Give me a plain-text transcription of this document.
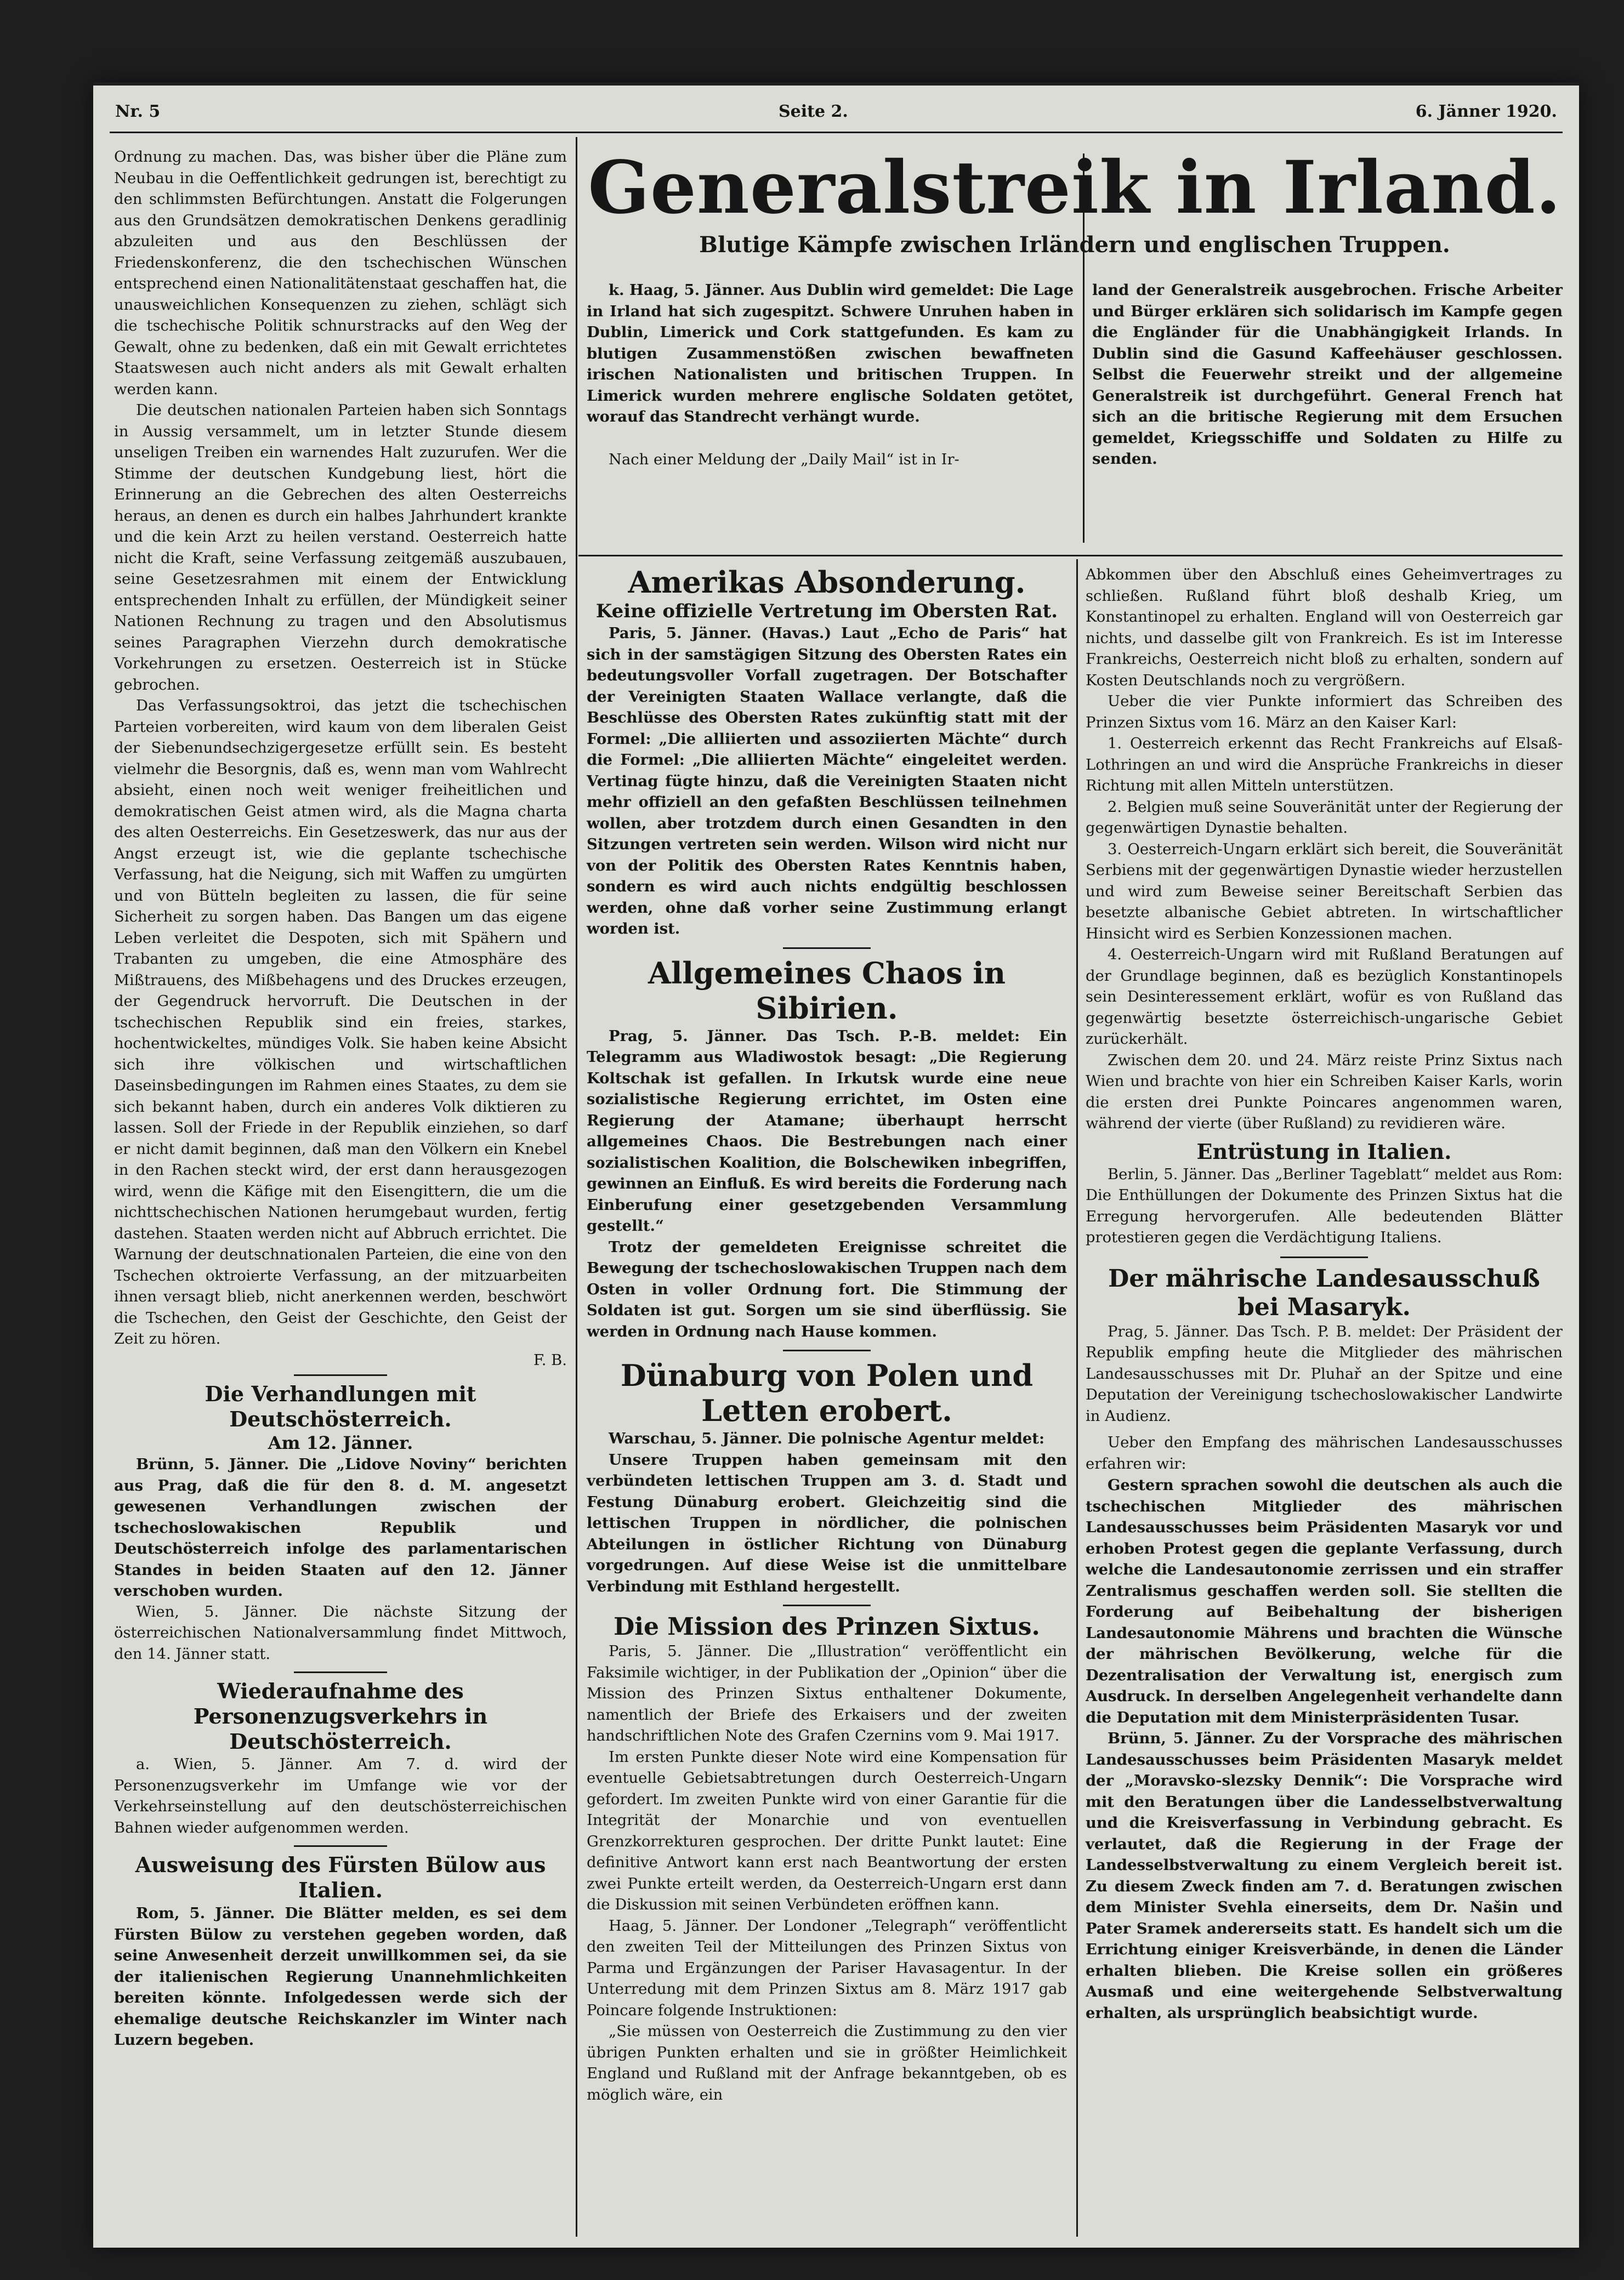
Nr. 5	Seite 2.	6. Jänner 1920.

Ordnung zu machen. Das, was bisher über die Pläne zum Neubau in die Oeffentlichkeit gedrungen ist, berechtigt zu den schlimmsten Befürchtungen. Anstatt die Folgerungen aus den Grundsätzen demokratischen Denkens geradlinig abzuleiten und aus den Beschlüssen der Friedenskonferenz, die den tschechischen Wünschen entsprechend einen Nationalitätenstaat geschaffen hat, die unausweichlichen Konsequenzen zu ziehen, schlägt sich die tschechische Politik schnurstracks auf den Weg der Gewalt, ohne zu bedenken, daß ein mit Gewalt errichtetes Staatswesen auch nicht anders als mit Gewalt erhalten werden kann.

Die deutschen nationalen Parteien haben sich Sonntags in Aussig versammelt, um in letzter Stunde diesem unseligen Treiben ein warnendes Halt zuzurufen. Wer die Stimme der deutschen Kundgebung liest, hört die Erinnerung an die Gebrechen des alten Oesterreichs heraus, an denen es durch ein halbes Jahrhundert krankte und die kein Arzt zu heilen verstand. Oesterreich hatte nicht die Kraft, seine Verfassung zeitgemäß auszubauen, seine Gesetzesrahmen mit einem der Entwicklung entsprechenden Inhalt zu erfüllen, der Mündigkeit seiner Nationen Rechnung zu tragen und den Absolutismus seines Paragraphen Vierzehn durch demokratische Vorkehrungen zu ersetzen. Oesterreich ist in Stücke gebrochen.

Das Verfassungsoktroi, das jetzt die tschechischen Parteien vorbereiten, wird kaum von dem liberalen Geist der Siebenundsechzigergesetze erfüllt sein. Es besteht vielmehr die Besorgnis, daß es, wenn man vom Wahlrecht absieht, einen noch weit weniger freiheitlichen und demokratischen Geist atmen wird, als die Magna charta des alten Oesterreichs. Ein Gesetzeswerk, das nur aus der Angst erzeugt ist, wie die geplante tschechische Verfassung, hat die Neigung, sich mit Waffen zu umgürten und von Bütteln begleiten zu lassen, die für seine Sicherheit zu sorgen haben. Das Bangen um das eigene Leben verleitet die Despoten, sich mit Spähern und Trabanten zu umgeben, die eine Atmosphäre des Mißtrauens, des Mißbehagens und des Druckes erzeugen, der Gegendruck hervorruft. Die Deutschen in der tschechischen Republik sind ein freies, starkes, hochentwickeltes, mündiges Volk. Sie haben keine Absicht sich ihre völkischen und wirtschaftlichen Daseinsbedingungen im Rahmen eines Staates, zu dem sie sich bekannt haben, durch ein anderes Volk diktieren zu lassen. Soll der Friede in der Republik einziehen, so darf er nicht damit beginnen, daß man den Völkern ein Knebel in den Rachen steckt wird, der erst dann herausgezogen wird, wenn die Käfige mit den Eisengittern, die um die nichttschechischen Nationen herumgebaut wurden, fertig dastehen. Staaten werden nicht auf Abbruch errichtet. Die Warnung der deutschnationalen Parteien, die eine von den Tschechen oktroierte Verfassung, an der mitzuarbeiten ihnen versagt blieb, nicht anerkennen werden, beschwört die Tschechen, den Geist der Geschichte, den Geist der Zeit zu hören.

F. B.

Die Verhandlungen mit Deutschösterreich.
Am 12. Jänner.

Brünn, 5. Jänner. Die „Lidove Noviny“ berichten aus Prag, daß die für den 8. d. M. angesetzt gewesenen Verhandlungen zwischen der tschechoslowakischen Republik und Deutschösterreich infolge des parlamentarischen Standes in beiden Staaten auf den 12. Jänner verschoben wurden.

Wien, 5. Jänner. Die nächste Sitzung der österreichischen Nationalversammlung findet Mittwoch, den 14. Jänner statt.

Wiederaufnahme des Personenzugsverkehrs in Deutschösterreich.

a. Wien, 5. Jänner. Am 7. d. wird der Personenzugsverkehr im Umfange wie vor der Verkehrseinstellung auf den deutschösterreichischen Bahnen wieder aufgenommen werden.

Ausweisung des Fürsten Bülow aus Italien.

Rom, 5. Jänner. Die Blätter melden, es sei dem Fürsten Bülow zu verstehen gegeben worden, daß seine Anwesenheit derzeit unwillkommen sei, da sie der italienischen Regierung Unannehmlichkeiten bereiten könnte. Infolgedessen werde sich der ehemalige deutsche Reichskanzler im Winter nach Luzern begeben.

Generalstreik in Irland.
Blutige Kämpfe zwischen Irländern und englischen Truppen.

k. Haag, 5. Jänner. Aus Dublin wird gemeldet: Die Lage in Irland hat sich zugespitzt. Schwere Unruhen haben in Dublin, Limerick und Cork stattgefunden. Es kam zu blutigen Zusammenstößen zwischen bewaffneten irischen Nationalisten und britischen Truppen. In Limerick wurden mehrere englische Soldaten getötet, worauf das Standrecht verhängt wurde.

Nach einer Meldung der „Daily Mail“ ist in Ir-

land der Generalstreik ausgebrochen. Frische Arbeiter und Bürger erklären sich solidarisch im Kampfe gegen die Engländer für die Unabhängigkeit Irlands. In Dublin sind die Gasund Kaffeehäuser geschlossen. Selbst die Feuerwehr streikt und der allgemeine Generalstreik ist durchgeführt. General French hat sich an die britische Regierung mit dem Ersuchen gemeldet, Kriegsschiffe und Soldaten zu Hilfe zu senden.

Amerikas Absonderung.
Keine offizielle Vertretung im Obersten Rat.

Paris, 5. Jänner. (Havas.) Laut „Echo de Paris“ hat sich in der samstägigen Sitzung des Obersten Rates ein bedeutungsvoller Vorfall zugetragen. Der Botschafter der Vereinigten Staaten Wallace verlangte, daß die Beschlüsse des Obersten Rates zukünftig statt mit der Formel: „Die alliierten und assoziierten Mächte“ durch die Formel: „Die alliierten Mächte“ eingeleitet werden. Vertinag fügte hinzu, daß die Vereinigten Staaten nicht mehr offiziell an den gefaßten Beschlüssen teilnehmen wollen, aber trotzdem durch einen Gesandten in den Sitzungen vertreten sein werden. Wilson wird nicht nur von der Politik des Obersten Rates Kenntnis haben, sondern es wird auch nichts endgültig beschlossen werden, ohne daß vorher seine Zustimmung erlangt worden ist.

Allgemeines Chaos in Sibirien.

Prag, 5. Jänner. Das Tsch. P.-B. meldet: Ein Telegramm aus Wladiwostok besagt: „Die Regierung Koltschak ist gefallen. In Irkutsk wurde eine neue sozialistische Regierung errichtet, im Osten eine Regierung der Atamane; überhaupt herrscht allgemeines Chaos. Die Bestrebungen nach einer sozialistischen Koalition, die Bolschewiken inbegriffen, gewinnen an Einfluß. Es wird bereits die Forderung nach Einberufung einer gesetzgebenden Versammlung gestellt.“

Trotz der gemeldeten Ereignisse schreitet die Bewegung der tschechoslowakischen Truppen nach dem Osten in voller Ordnung fort. Die Stimmung der Soldaten ist gut. Sorgen um sie sind überflüssig. Sie werden in Ordnung nach Hause kommen.

Dünaburg von Polen und Letten erobert.

Warschau, 5. Jänner. Die polnische Agentur meldet:

Unsere Truppen haben gemeinsam mit den verbündeten lettischen Truppen am 3. d. Stadt und Festung Dünaburg erobert. Gleichzeitig sind die lettischen Truppen in nördlicher, die polnischen Abteilungen in östlicher Richtung von Dünaburg vorgedrungen. Auf diese Weise ist die unmittelbare Verbindung mit Esthland hergestellt.

Die Mission des Prinzen Sixtus.

Paris, 5. Jänner. Die „Illustration“ veröffentlicht ein Faksimile wichtiger, in der Publikation der „Opinion“ über die Mission des Prinzen Sixtus enthaltener Dokumente, namentlich der Briefe des Erkaisers und der zweiten handschriftlichen Note des Grafen Czernins vom 9. Mai 1917.

Im ersten Punkte dieser Note wird eine Kompensation für eventuelle Gebietsabtretungen durch Oesterreich-Ungarn gefordert. Im zweiten Punkte wird von einer Garantie für die Integrität der Monarchie und von eventuellen Grenzkorrekturen gesprochen. Der dritte Punkt lautet: Eine definitive Antwort kann erst nach Beantwortung der ersten zwei Punkte erteilt werden, da Oesterreich-Ungarn erst dann die Diskussion mit seinen Verbündeten eröffnen kann.

Haag, 5. Jänner. Der Londoner „Telegraph“ veröffentlicht den zweiten Teil der Mitteilungen des Prinzen Sixtus von Parma und Ergänzungen der Pariser Havasagentur. In der Unterredung mit dem Prinzen Sixtus am 8. März 1917 gab Poincare folgende Instruktionen:

„Sie müssen von Oesterreich die Zustimmung zu den vier übrigen Punkten erhalten und sie in größter Heimlichkeit England und Rußland mit der Anfrage bekanntgeben, ob es möglich wäre, ein

Abkommen über den Abschluß eines Geheimvertrages zu schließen. Rußland führt bloß deshalb Krieg, um Konstantinopel zu erhalten. England will von Oesterreich gar nichts, und dasselbe gilt von Frankreich. Es ist im Interesse Frankreichs, Oesterreich nicht bloß zu erhalten, sondern auf Kosten Deutschlands noch zu vergrößern.

Ueber die vier Punkte informiert das Schreiben des Prinzen Sixtus vom 16. März an den Kaiser Karl:

1. Oesterreich erkennt das Recht Frankreichs auf Elsaß-Lothringen an und wird die Ansprüche Frankreichs in dieser Richtung mit allen Mitteln unterstützen.

2. Belgien muß seine Souveränität unter der Regierung der gegenwärtigen Dynastie behalten.

3. Oesterreich-Ungarn erklärt sich bereit, die Souveränität Serbiens mit der gegenwärtigen Dynastie wieder herzustellen und wird zum Beweise seiner Bereitschaft Serbien das besetzte albanische Gebiet abtreten. In wirtschaftlicher Hinsicht wird es Serbien Konzessionen machen.

4. Oesterreich-Ungarn wird mit Rußland Beratungen auf der Grundlage beginnen, daß es bezüglich Konstantinopels sein Desinteressement erklärt, wofür es von Rußland das gegenwärtig besetzte österreichisch-ungarische Gebiet zurückerhält.

Zwischen dem 20. und 24. März reiste Prinz Sixtus nach Wien und brachte von hier ein Schreiben Kaiser Karls, worin die ersten drei Punkte Poincares angenommen waren, während der vierte (über Rußland) zu revidieren wäre.

Entrüstung in Italien.

Berlin, 5. Jänner. Das „Berliner Tageblatt“ meldet aus Rom: Die Enthüllungen der Dokumente des Prinzen Sixtus hat die Erregung hervorgerufen. Alle bedeutenden Blätter protestieren gegen die Verdächtigung Italiens.

Der mährische Landesausschuß bei Masaryk.

Prag, 5. Jänner. Das Tsch. P. B. meldet: Der Präsident der Republik empfing heute die Mitglieder des mährischen Landesausschusses mit Dr. Pluhař an der Spitze und eine Deputation der Vereinigung tschechoslowakischer Landwirte in Audienz.

Ueber den Empfang des mährischen Landesausschusses erfahren wir:

Gestern sprachen sowohl die deutschen als auch die tschechischen Mitglieder des mährischen Landesausschusses beim Präsidenten Masaryk vor und erhoben Protest gegen die geplante Verfassung, durch welche die Landesautonomie zerrissen und ein straffer Zentralismus geschaffen werden soll. Sie stellten die Forderung auf Beibehaltung der bisherigen Landesautonomie Mährens und brachten die Wünsche der mährischen Bevölkerung, welche für die Dezentralisation der Verwaltung ist, energisch zum Ausdruck. In derselben Angelegenheit verhandelte dann die Deputation mit dem Ministerpräsidenten Tusar.

Brünn, 5. Jänner. Zu der Vorsprache des mährischen Landesausschusses beim Präsidenten Masaryk meldet der „Moravsko-slezsky Dennik“: Die Vorsprache wird mit den Beratungen über die Landesselbstverwaltung und die Kreisverfassung in Verbindung gebracht. Es verlautet, daß die Regierung in der Frage der Landesselbstverwaltung zu einem Vergleich bereit ist. Zu diesem Zweck finden am 7. d. Beratungen zwischen dem Minister Svehla einerseits, dem Dr. Našin und Pater Sramek andererseits statt. Es handelt sich um die Errichtung einiger Kreisverbände, in denen die Länder erhalten blieben. Die Kreise sollen ein größeres Ausmaß und eine weitergehende Selbstverwaltung erhalten, als ursprünglich beabsichtigt wurde.
